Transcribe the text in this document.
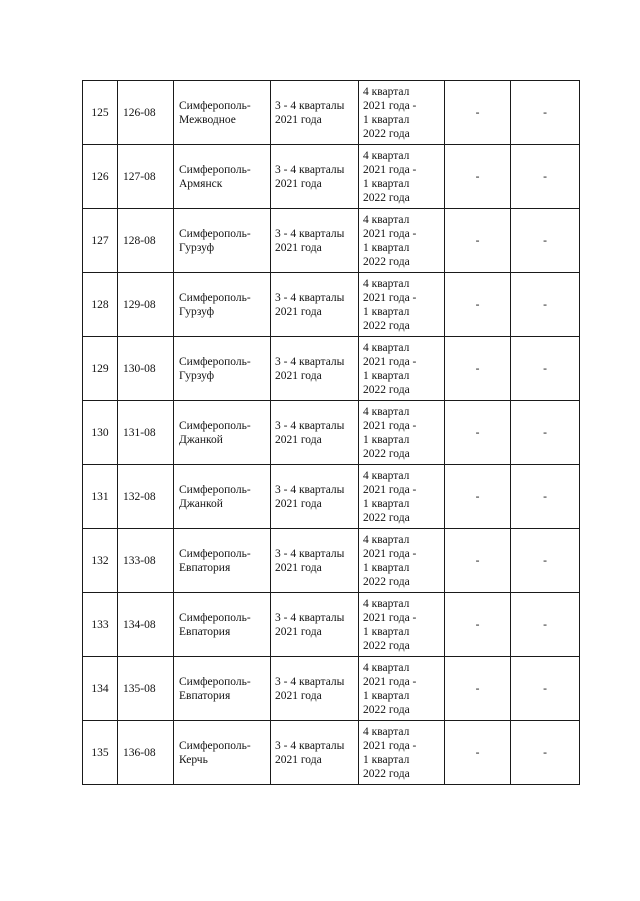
125	126-08	Симферополь-
Межводное	3 - 4 кварталы
2021 года	4 квартал
2021 года -
1 квартал
2022 года	-	-
126	127-08	Симферополь-
Армянск	3 - 4 кварталы
2021 года	4 квартал
2021 года -
1 квартал
2022 года	-	-
127	128-08	Симферополь-
Гурзуф	3 - 4 кварталы
2021 года	4 квартал
2021 года -
1 квартал
2022 года	-	-
128	129-08	Симферополь-
Гурзуф	3 - 4 кварталы
2021 года	4 квартал
2021 года -
1 квартал
2022 года	-	-
129	130-08	Симферополь-
Гурзуф	3 - 4 кварталы
2021 года	4 квартал
2021 года -
1 квартал
2022 года	-	-
130	131-08	Симферополь-
Джанкой	3 - 4 кварталы
2021 года	4 квартал
2021 года -
1 квартал
2022 года	-	-
131	132-08	Симферополь-
Джанкой	3 - 4 кварталы
2021 года	4 квартал
2021 года -
1 квартал
2022 года	-	-
132	133-08	Симферополь-
Евпатория	3 - 4 кварталы
2021 года	4 квартал
2021 года -
1 квартал
2022 года	-	-
133	134-08	Симферополь-
Евпатория	3 - 4 кварталы
2021 года	4 квартал
2021 года -
1 квартал
2022 года	-	-
134	135-08	Симферополь-
Евпатория	3 - 4 кварталы
2021 года	4 квартал
2021 года -
1 квартал
2022 года	-	-
135	136-08	Симферополь-
Керчь	3 - 4 кварталы
2021 года	4 квартал
2021 года -
1 квартал
2022 года	-	-
